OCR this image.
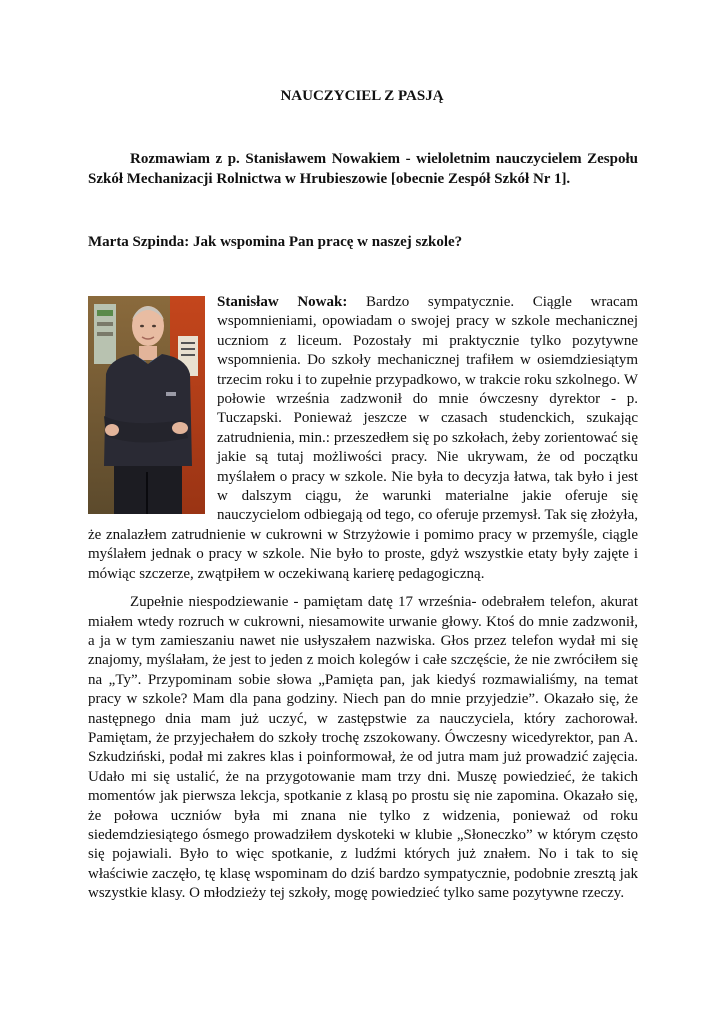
NAUCZYCIEL Z PASJĄ
Rozmawiam z p. Stanisławem Nowakiem - wieloletnim nauczycielem Zespołu Szkół Mechanizacji Rolnictwa w Hrubieszowie [obecnie Zespół Szkół Nr 1].
Marta Szpinda: Jak wspomina Pan pracę w naszej szkole?

Stanisław Nowak: Bardzo sympatycznie. Ciągle wracam wspomnieniami, opowiadam o swojej pracy w szkole mechanicznej uczniom z liceum. Pozostały mi praktycznie tylko pozytywne wspomnienia. Do szkoły mechanicznej trafiłem w osiemdziesiątym trzecim roku i to zupełnie przypadkowo, w trakcie roku szkolnego. W połowie września zadzwonił do mnie ówczesny dyrektor - p. Tuczapski. Ponieważ jeszcze w czasach studenckich, szukając zatrudnienia, min.: przeszedłem się po szkołach, żeby zorientować się jakie są tutaj możliwości pracy. Nie ukrywam, że od początku myślałem o pracy w szkole. Nie była to decyzja łatwa, tak było i jest w dalszym ciągu, że warunki materialne jakie oferuje się nauczycielom odbiegają od tego, co oferuje przemysł. Tak się złożyła, że znalazłem zatrudnienie w cukrowni w Strzyżowie i pomimo pracy w przemyśle, ciągle myślałem jednak o pracy w szkole. Nie było to proste, gdyż wszystkie etaty były zajęte i mówiąc szczerze, zwątpiłem w oczekiwaną karierę pedagogiczną.

Zupełnie niespodziewanie - pamiętam datę 17 września- odebrałem telefon, akurat miałem wtedy rozruch w cukrowni, niesamowite urwanie głowy. Ktoś do mnie zadzwonił, a ja w tym zamieszaniu nawet nie usłyszałem nazwiska. Głos przez telefon wydał mi się znajomy, myślałam, że jest to jeden z moich kolegów i całe szczęście, że nie zwróciłem się na „Ty”. Przypominam sobie słowa „Pamięta pan, jak kiedyś rozmawialiśmy, na temat pracy w szkole? Mam dla pana godziny. Niech pan do mnie przyjedzie”. Okazało się, że następnego dnia mam już uczyć, w zastępstwie za nauczyciela, który zachorował. Pamiętam, że przyjechałem do szkoły trochę zszokowany. Ówczesny wicedyrektor, pan A. Szkudziński, podał mi zakres klas i poinformował, że od jutra mam już prowadzić zajęcia. Udało mi się ustalić, że na przygotowanie mam trzy dni. Muszę powiedzieć, że takich momentów jak pierwsza lekcja, spotkanie z klasą po prostu się nie zapomina. Okazało się, że połowa uczniów była mi znana nie tylko z widzenia, ponieważ od roku siedemdziesiątego ósmego prowadziłem dyskoteki w klubie „Słoneczko” w którym często się pojawiali. Było to więc spotkanie, z ludźmi których już znałem. No i tak to się właściwie zaczęło, tę klasę wspominam do dziś bardzo sympatycznie, podobnie zresztą jak wszystkie klasy. O młodzieży tej szkoły, mogę powiedzieć tylko same pozytywne rzeczy.
